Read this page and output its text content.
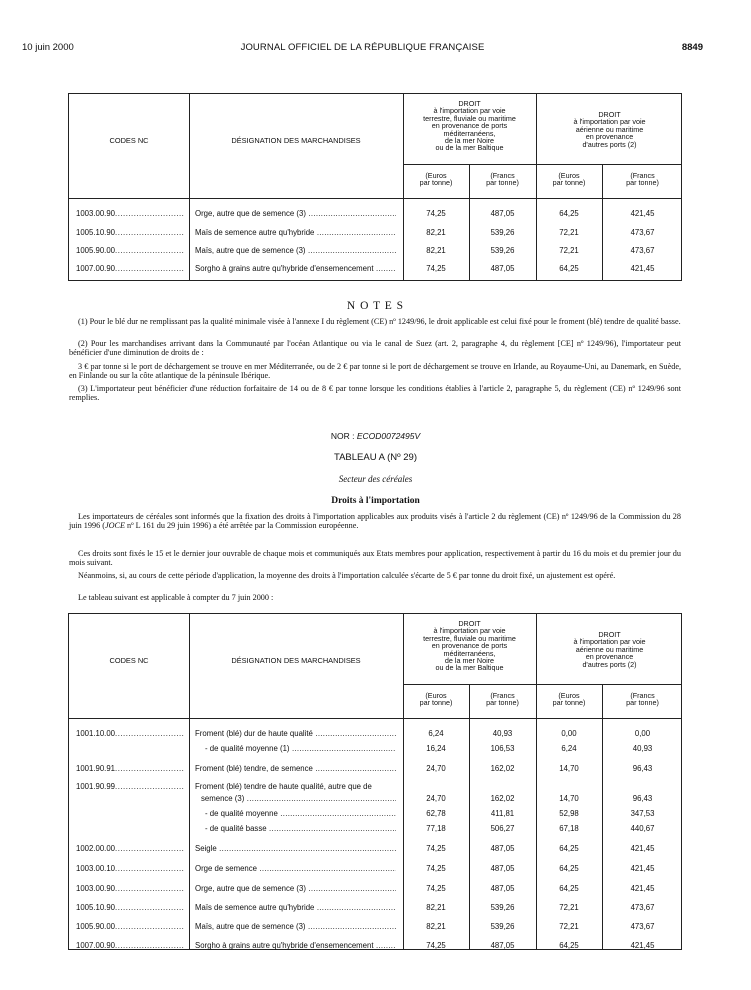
10 juin 2000	JOURNAL OFFICIEL DE LA RÉPUBLIQUE FRANÇAISE	8849
CODES NC	DÉSIGNATION DES MARCHANDISES
DROIT
à l'importation par voie
terrestre, fluviale ou maritime
en provenance de ports
méditerranéens,
de la mer Noire
ou de la mer Baltique
DROIT
à l'importation par voie
aérienne ou maritime
en provenance
d'autres ports (2)
(Euros
par tonne)
(Francs
par tonne)
(Euros
par tonne)
(Francs
par tonne)
1003.00.90 .....	Orge, autre que de semence (3) .....	74,25	487,05	64,25	421,45
1005.10.90 .....	Maïs de semence autre qu'hybride .....	82,21	539,26	72,21	473,67
1005.90.00 .....	Maïs, autre que de semence (3) .....	82,21	539,26	72,21	473,67
1007.00.90 .....	Sorgho à grains autre qu'hybride d'ensemencement .....	74,25	487,05	64,25	421,45
N O T E S
(1) Pour le blé dur ne remplissant pas la qualité minimale visée à l'annexe I du règlement (CE) nº 1249/96, le droit applicable est celui fixé pour le froment (blé) tendre de qualité basse.
(2) Pour les marchandises arrivant dans la Communauté par l'océan Atlantique ou via le canal de Suez (art. 2, paragraphe 4, du règlement [CE] nº 1249/96), l'importateur peut bénéficier d'une diminution de droits de :
3 € par tonne si le port de déchargement se trouve en mer Méditerranée, ou de 2 € par tonne si le port de déchargement se trouve en Irlande, au Royaume-Uni, au Danemark, en Suède, en Finlande ou sur la côte atlantique de la péninsule Ibérique.
(3) L'importateur peut bénéficier d'une réduction forfaitaire de 14 ou de 8 € par tonne lorsque les conditions établies à l'article 2, paragraphe 5, du règlement (CE) nº 1249/96 sont remplies.
NOR : ECOD0072495V
TABLEAU A (Nº 29)
Secteur des céréales
Droits à l'importation
Les importateurs de céréales sont informés que la fixation des droits à l'importation applicables aux produits visés à l'article 2 du règlement (CE) nº 1249/96 de la Commission du 28 juin 1996 (JOCE nº L 161 du 29 juin 1996) a été arrêtée par la Commission européenne.
Ces droits sont fixés le 15 et le dernier jour ouvrable de chaque mois et communiqués aux Etats membres pour application, respectivement à partir du 16 du mois et du premier jour du mois suivant.
Néanmoins, si, au cours de cette période d'application, la moyenne des droits à l'importation calculée s'écarte de 5 € par tonne du droit fixé, un ajustement est opéré.
Le tableau suivant est applicable à compter du 7 juin 2000 :
CODES NC	DÉSIGNATION DES MARCHANDISES
DROIT
à l'importation par voie
terrestre, fluviale ou maritime
en provenance de ports
méditerranéens,
de la mer Noire
ou de la mer Baltique
DROIT
à l'importation par voie
aérienne ou maritime
en provenance
d'autres ports (2)
(Euros
par tonne)
(Francs
par tonne)
(Euros
par tonne)
(Francs
par tonne)
1001.10.00 .....	Froment (blé) dur de haute qualité .....	6,24	40,93	0,00	0,00
- de qualité moyenne (1) .....	16,24	106,53	6,24	40,93
1001.90.91 .....	Froment (blé) tendre, de semence .....	24,70	162,02	14,70	96,43
1001.90.99 .....	Froment (blé) tendre de haute qualité, autre que de
semence (3) .....	24,70	162,02	14,70	96,43
- de qualité moyenne .....	62,78	411,81	52,98	347,53
- de qualité basse .....	77,18	506,27	67,18	440,67
1002.00.00 .....	Seigle .....	74,25	487,05	64,25	421,45
1003.00.10 .....	Orge de semence .....	74,25	487,05	64,25	421,45
1003.00.90 .....	Orge, autre que de semence (3) .....	74,25	487,05	64,25	421,45
1005.10.90 .....	Maïs de semence autre qu'hybride .....	82,21	539,26	72,21	473,67
1005.90.00 .....	Maïs, autre que de semence (3) .....	82,21	539,26	72,21	473,67
1007.00.90 .....	Sorgho à grains autre qu'hybride d'ensemencement .....	74,25	487,05	64,25	421,45
